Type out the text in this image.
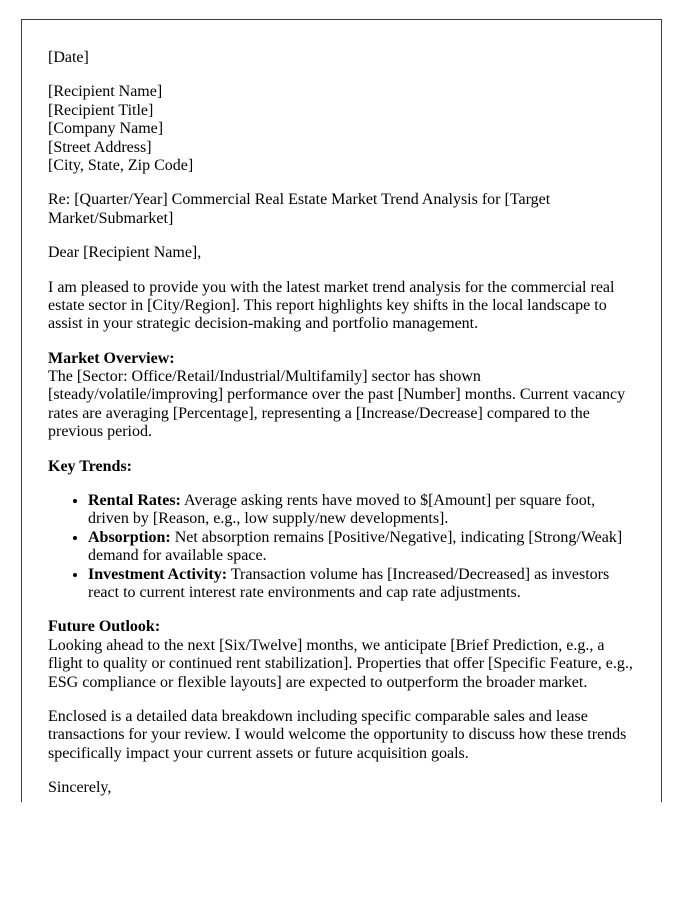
[Date]

[Recipient Name]
[Recipient Title]
[Company Name]
[Street Address]
[City, State, Zip Code]

Re: [Quarter/Year] Commercial Real Estate Market Trend Analysis for [Target Market/Submarket]

Dear [Recipient Name],

I am pleased to provide you with the latest market trend analysis for the commercial real estate sector in [City/Region]. This report highlights key shifts in the local landscape to assist in your strategic decision-making and portfolio management.

Market Overview:
The [Sector: Office/Retail/Industrial/Multifamily] sector has shown [steady/volatile/improving] performance over the past [Number] months. Current vacancy rates are averaging [Percentage], representing a [Increase/Decrease] compared to the previous period.

Key Trends:

• Rental Rates: Average asking rents have moved to $[Amount] per square foot, driven by [Reason, e.g., low supply/new developments].
• Absorption: Net absorption remains [Positive/Negative], indicating [Strong/Weak] demand for available space.
• Investment Activity: Transaction volume has [Increased/Decreased] as investors react to current interest rate environments and cap rate adjustments.

Future Outlook:
Looking ahead to the next [Six/Twelve] months, we anticipate [Brief Prediction, e.g., a flight to quality or continued rent stabilization]. Properties that offer [Specific Feature, e.g., ESG compliance or flexible layouts] are expected to outperform the broader market.

Enclosed is a detailed data breakdown including specific comparable sales and lease transactions for your review. I would welcome the opportunity to discuss how these trends specifically impact your current assets or future acquisition goals.

Sincerely,
